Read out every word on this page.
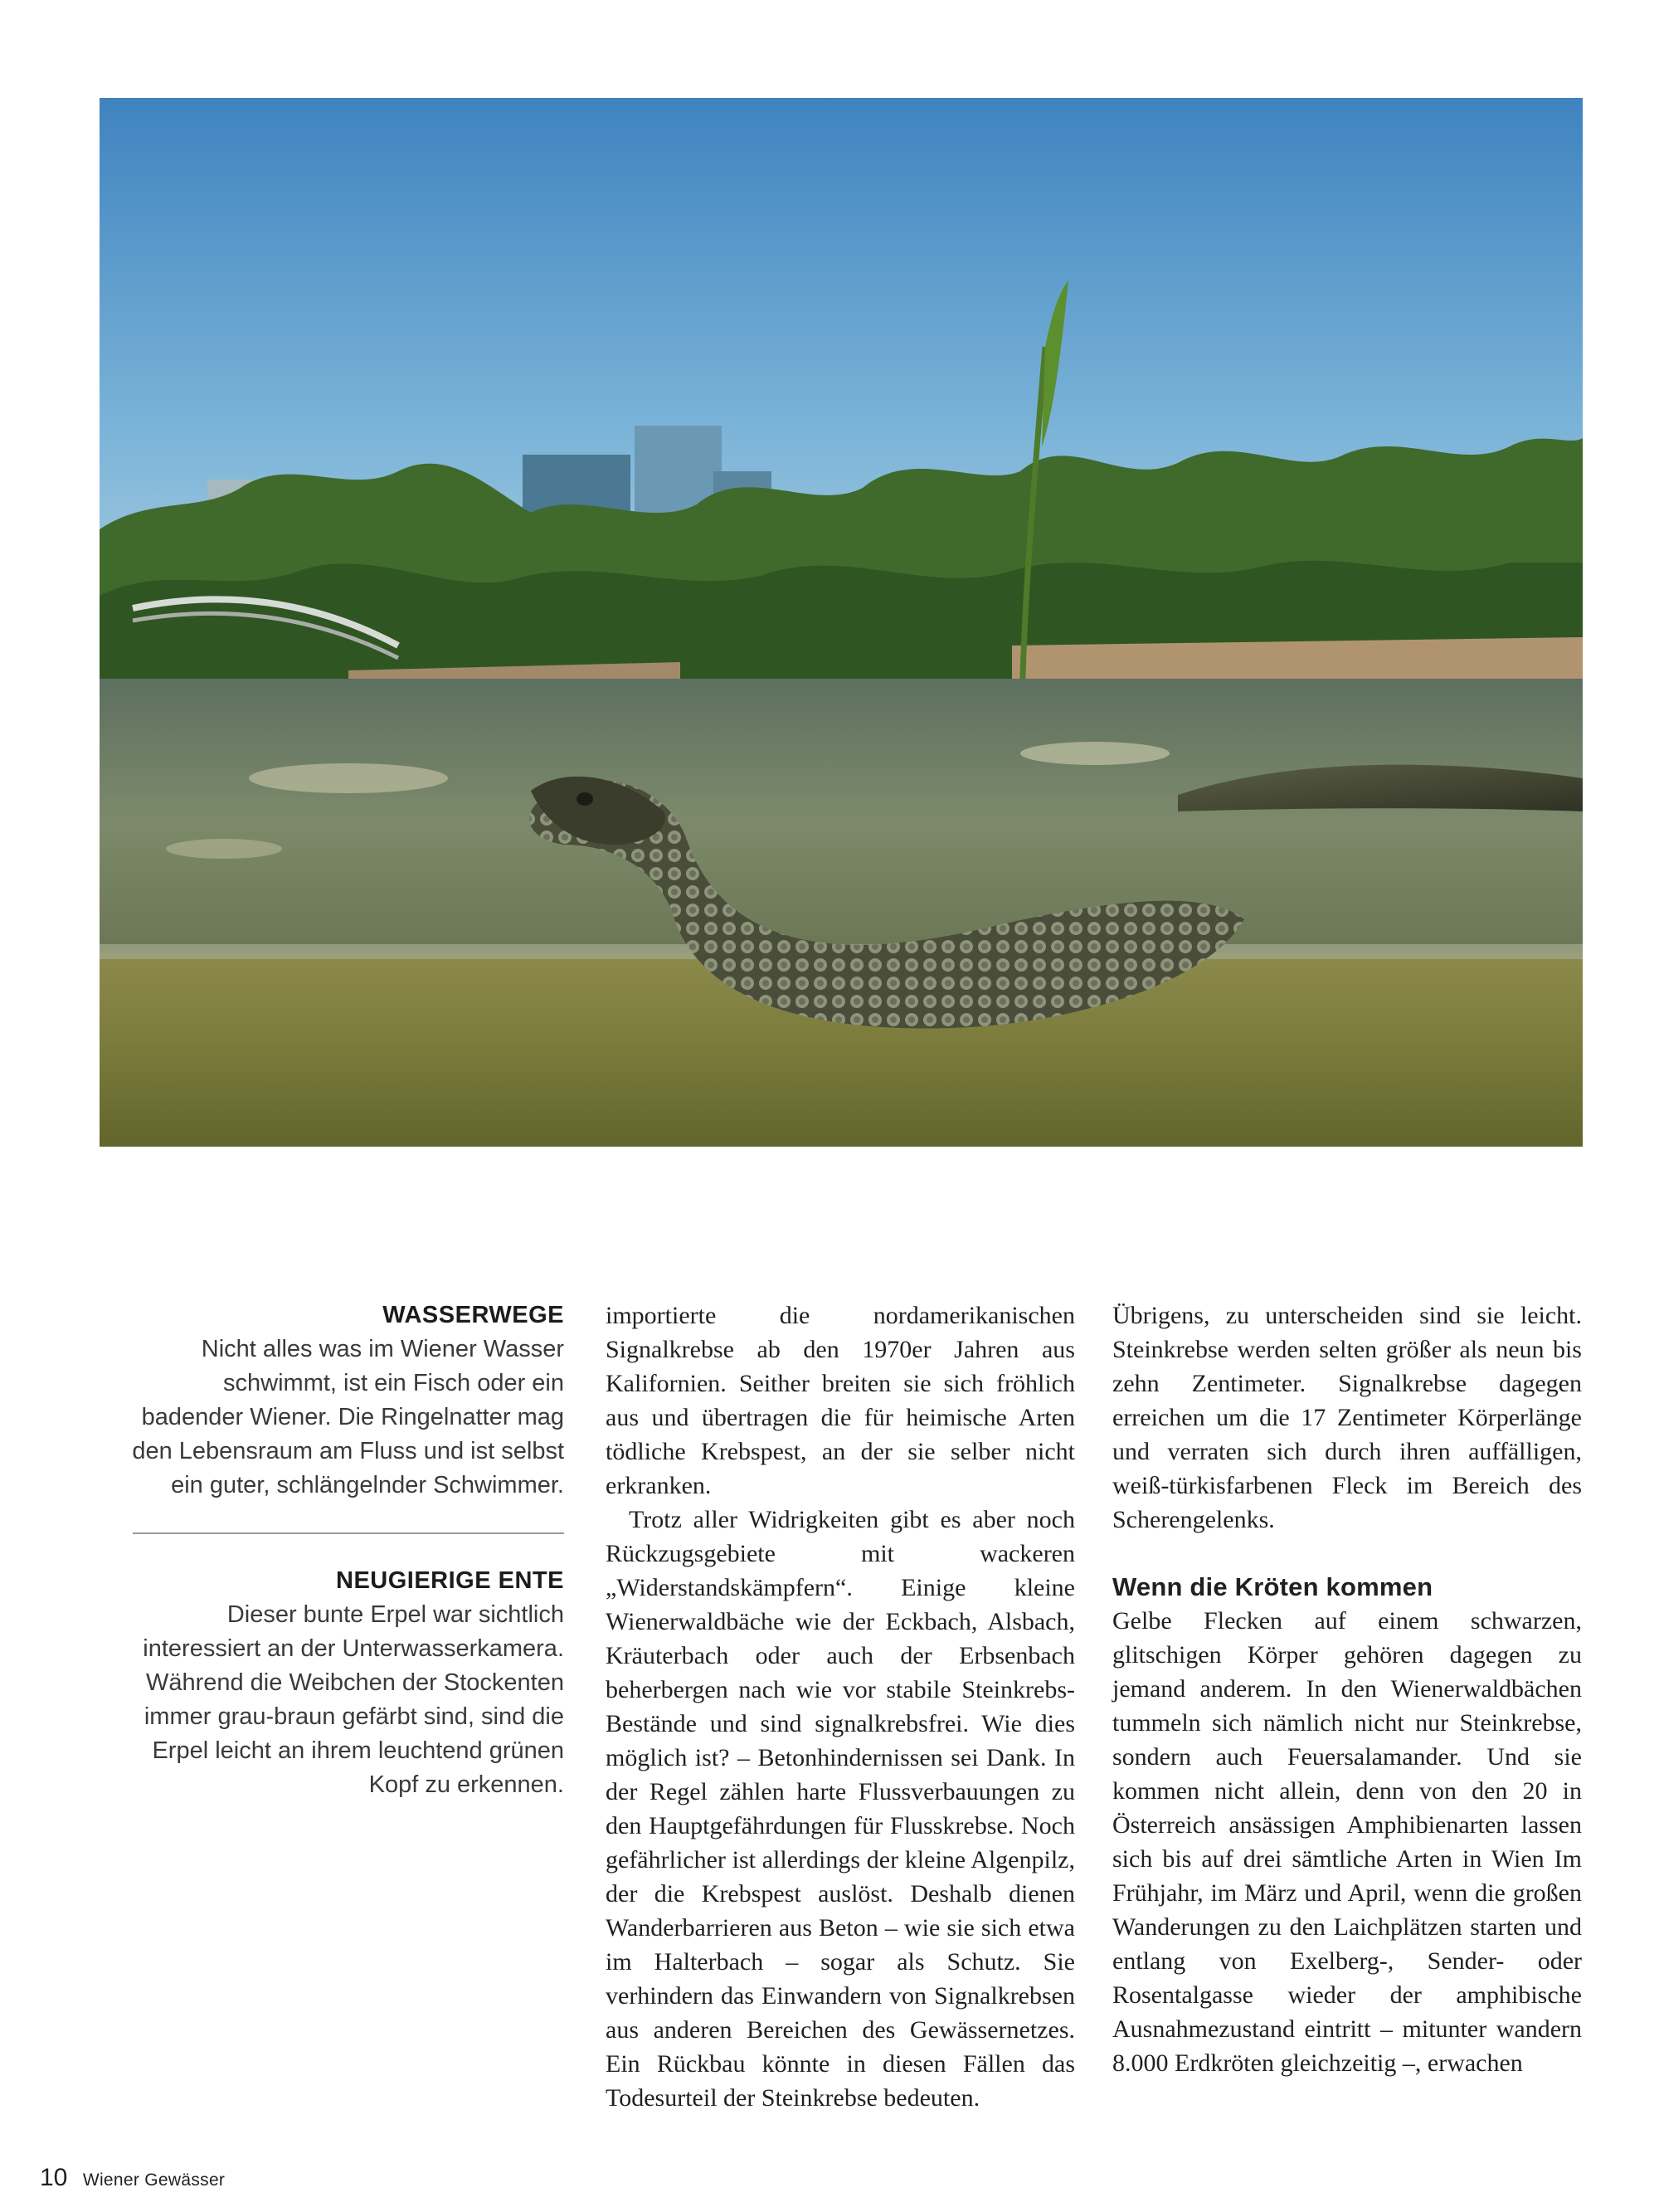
WASSERWEGE

Nicht alles was im Wiener Wasser schwimmt, ist ein Fisch oder ein badender Wiener. Die Ringelnatter mag den Lebensraum am Fluss und ist selbst ein guter, schlängelnder Schwimmer.

NEUGIERIGE ENTE

Dieser bunte Erpel war sichtlich interessiert an der Unterwasserkamera. Während die Weibchen der Stockenten immer grau-braun gefärbt sind, sind die Erpel leicht an ihrem leuchtend grünen Kopf zu erkennen.

importierte die nordamerikanischen Signalkrebse ab den 1970er Jahren aus Kalifornien. Seither breiten sie sich fröhlich aus und übertragen die für heimische Arten tödliche Krebspest, an der sie selber nicht erkranken.

Trotz aller Widrigkeiten gibt es aber noch Rückzugsgebiete mit wackeren „Widerstandskämpfern“. Einige kleine Wienerwaldbäche wie der Eckbach, Alsbach, Kräuterbach oder auch der Erbsenbach beherbergen nach wie vor stabile Steinkrebs-Bestände und sind signalkrebsfrei. Wie dies möglich ist? – Betonhindernissen sei Dank. In der Regel zählen harte Flussverbauungen zu den Hauptgefährdungen für Flusskrebse. Noch gefährlicher ist allerdings der kleine Algenpilz, der die Krebspest auslöst. Deshalb dienen Wanderbarrieren aus Beton – wie sie sich etwa im Halterbach – sogar als Schutz. Sie verhindern das Einwandern von Signalkrebsen aus anderen Bereichen des Gewässernetzes. Ein Rückbau könnte in diesen Fällen das Todesurteil der Steinkrebse bedeuten.

Übrigens, zu unterscheiden sind sie leicht. Steinkrebse werden selten größer als neun bis zehn Zentimeter. Signalkrebse dagegen erreichen um die 17 Zentimeter Körperlänge und verraten sich durch ihren auffälligen, weiß-türkisfarbenen Fleck im Bereich des Scherengelenks.

Wenn die Kröten kommen

Gelbe Flecken auf einem schwarzen, glitschigen Körper gehören dagegen zu jemand anderem. In den Wienerwaldbächen tummeln sich nämlich nicht nur Steinkrebse, sondern auch Feuersalamander. Und sie kommen nicht allein, denn von den 20 in Österreich ansässigen Amphibienarten lassen sich bis auf drei sämtliche Arten in Wien Im Frühjahr, im März und April, wenn die großen Wanderungen zu den Laichplätzen starten und entlang von Exelberg-, Sender- oder Rosentalgasse wieder der amphibische Ausnahmezustand eintritt – mitunter wandern 8.000 Erdkröten gleichzeitig –, erwachen

10 Wiener Gewässer
